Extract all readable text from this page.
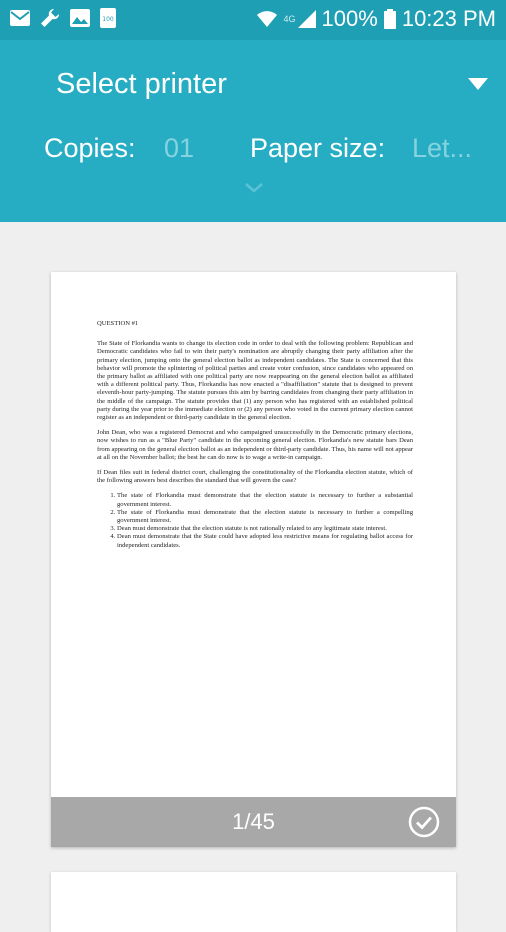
100	4G 100% 10:23 PM
Select printer
Copies: 01 Paper size: Let...

QUESTION #1

The State of Florkandia wants to change its election code in order to deal with the following problem: Republican and Democratic candidates who fail to win their party's nomination are abruptly changing their party affiliation after the primary election, jumping onto the general election ballot as independent candidates. The State is concerned that this behavior will promote the splintering of political parties and create voter confusion, since candidates who appeared on the primary ballot as affiliated with one political party are now reappearing on the general election ballot as affiliated with a different political party. Thus, Florkandia has now enacted a "disaffiliation" statute that is designed to prevent eleventh-hour party-jumping. The statute pursues this aim by barring candidates from changing their party affiliation in the middle of the campaign. The statute provides that (1) any person who has registered with an established political party during the year prior to the immediate election or (2) any person who voted in the current primary election cannot register as an independent or third-party candidate in the general election.

John Dean, who was a registered Democrat and who campaigned unsuccessfully in the Democratic primary elections, now wishes to run as a "Blue Party" candidate in the upcoming general election. Florkandia's new statute bars Dean from appearing on the general election ballot as an independent or third-party candidate. Thus, his name will not appear at all on the November ballot; the best he can do now is to wage a write-in campaign.

If Dean files suit in federal district court, challenging the constitutionality of the Florkandia election statute, which of the following answers best describes the standard that will govern the case?

1. The state of Florkandia must demonstrate that the election statute is necessary to further a substantial government interest.
2. The state of Florkandia must demonstrate that the election statute is necessary to further a compelling government interest.
3. Dean must demonstrate that the election statute is not rationally related to any legitimate state interest.
4. Dean must demonstrate that the State could have adopted less restrictive means for regulating ballot access for independent candidates.
1/45
